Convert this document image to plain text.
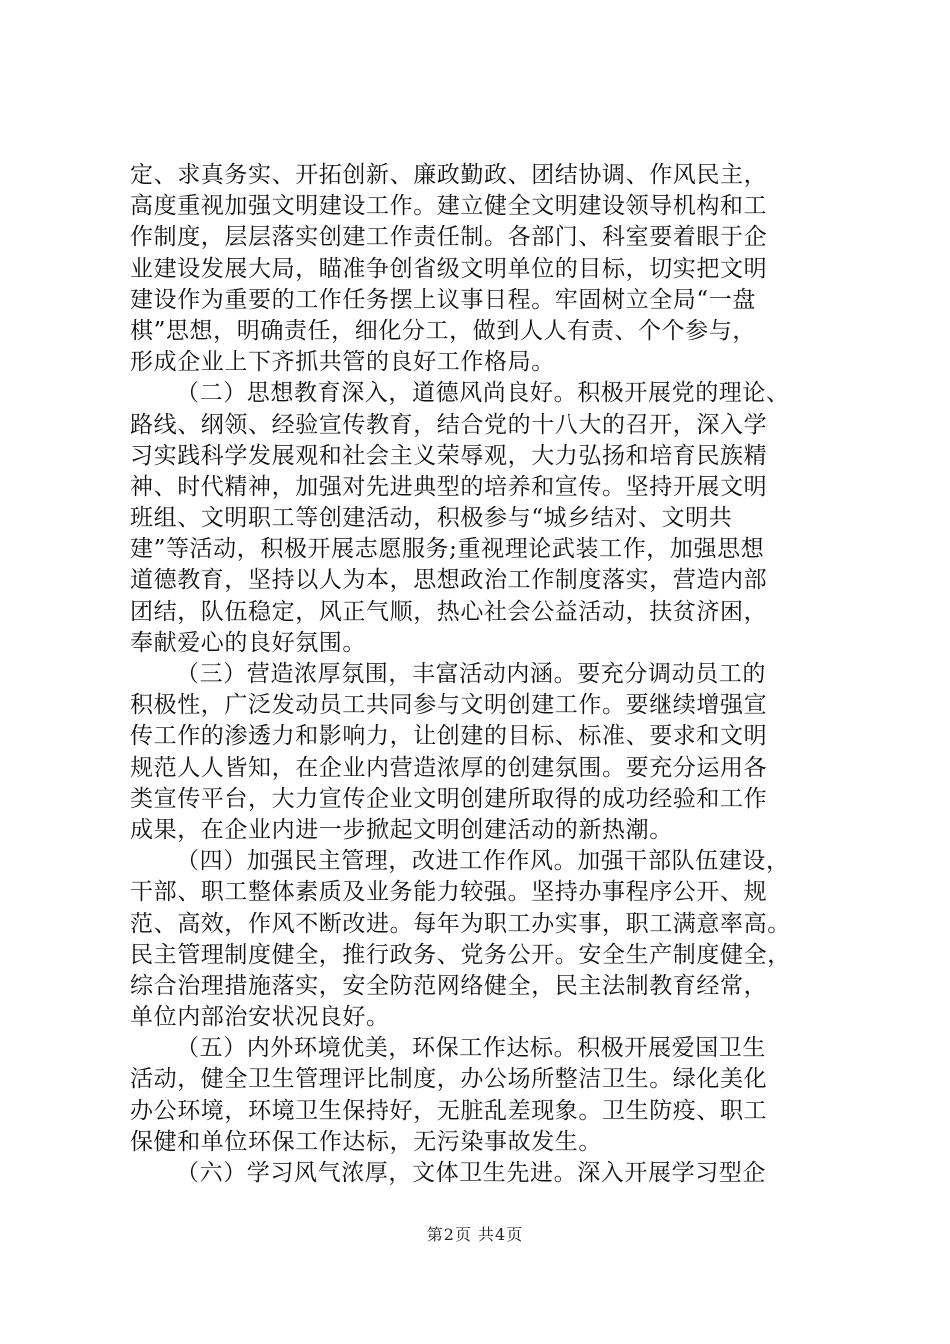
定、求真务实、开拓创新、廉政勤政、团结协调、作风民主，
高度重视加强文明建设工作。建立健全文明建设领导机构和工
作制度，层层落实创建工作责任制。各部门、科室要着眼于企
业建设发展大局，瞄准争创省级文明单位的目标，切实把文明
建设作为重要的工作任务摆上议事日程。牢固树立全局“一盘
棋”思想，明确责任，细化分工，做到人人有责、个个参与，
形成企业上下齐抓共管的良好工作格局。
（二）思想教育深入，道德风尚良好。积极开展党的理论、
路线、纲领、经验宣传教育，结合党的十八大的召开，深入学
习实践科学发展观和社会主义荣辱观，大力弘扬和培育民族精
神、时代精神，加强对先进典型的培养和宣传。坚持开展文明
班组、文明职工等创建活动，积极参与“城乡结对、文明共
建”等活动，积极开展志愿服务;重视理论武装工作，加强思想
道德教育，坚持以人为本，思想政治工作制度落实，营造内部
团结，队伍稳定，风正气顺，热心社会公益活动，扶贫济困，
奉献爱心的良好氛围。
（三）营造浓厚氛围，丰富活动内涵。要充分调动员工的
积极性，广泛发动员工共同参与文明创建工作。要继续增强宣
传工作的渗透力和影响力，让创建的目标、标准、要求和文明
规范人人皆知，在企业内营造浓厚的创建氛围。要充分运用各
类宣传平台，大力宣传企业文明创建所取得的成功经验和工作
成果，在企业内进一步掀起文明创建活动的新热潮。
（四）加强民主管理，改进工作作风。加强干部队伍建设，
干部、职工整体素质及业务能力较强。坚持办事程序公开、规
范、高效，作风不断改进。每年为职工办实事，职工满意率高。
民主管理制度健全，推行政务、党务公开。安全生产制度健全，
综合治理措施落实，安全防范网络健全，民主法制教育经常，
单位内部治安状况良好。
（五）内外环境优美，环保工作达标。积极开展爱国卫生
活动，健全卫生管理评比制度，办公场所整洁卫生。绿化美化
办公环境，环境卫生保持好，无脏乱差现象。卫生防疫、职工
保健和单位环保工作达标，无污染事故发生。
（六）学习风气浓厚，文体卫生先进。深入开展学习型企
第2页 共4页
